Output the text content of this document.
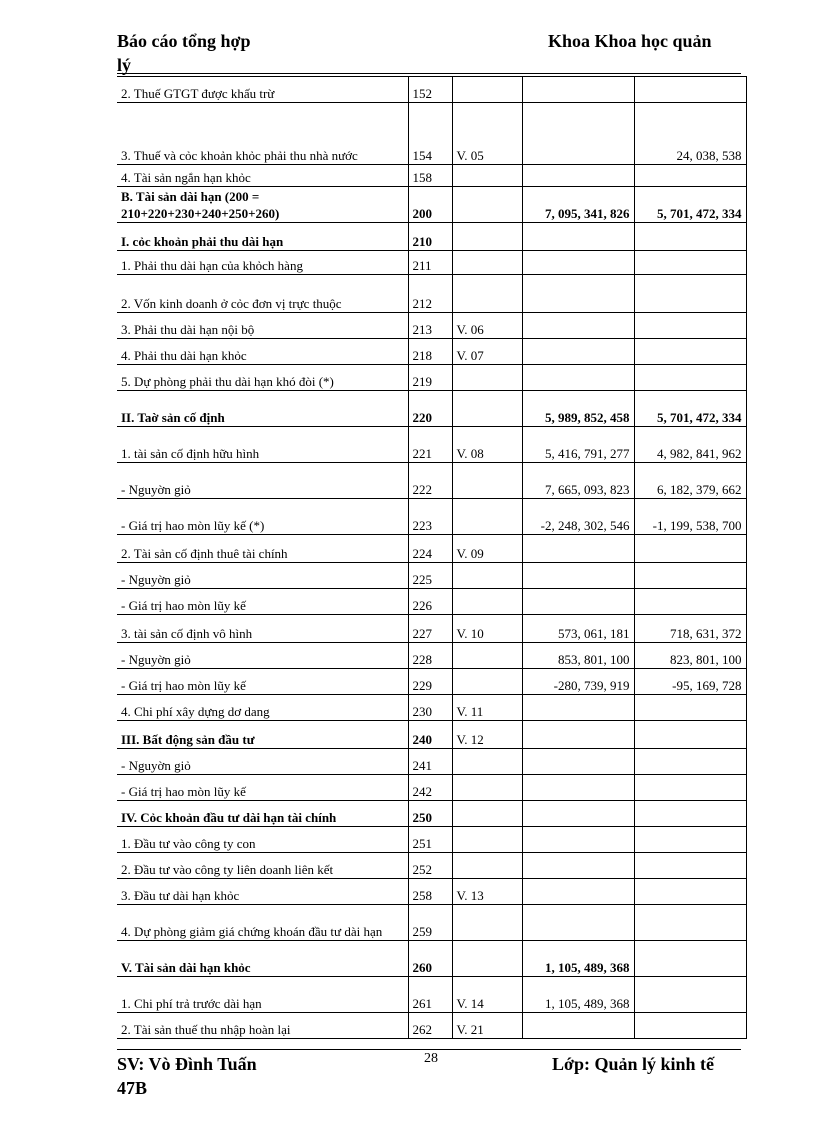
Báo cáo tổng hợp
lý
Khoa Khoa học quản
2. Thuế GTGT được khấu trừ	152			
3. Thuế và cỏc khoản khỏc phải thu nhà nước	154	V. 05		24, 038, 538
4. Tài sản ngắn hạn khỏc	158			
B. Tài sản dài hạn (200 = 210+220+230+240+250+260)	200		7, 095, 341, 826	5, 701, 472, 334
I. cỏc khoản phải thu dài hạn	210			
1. Phải thu dài hạn của khỏch hàng	211			
2. Vốn kinh doanh ở cỏc đơn vị trực thuộc	212			
3. Phải thu dài hạn nội bộ	213	V. 06		
4. Phải thu dài hạn khỏc	218	V. 07		
5. Dự phòng phải thu dài hạn khó đòi (*)	219			
II. Taờ sản cố định	220		5, 989, 852, 458	5, 701, 472, 334
1. tài sản cố định hữu hình	221	V. 08	5, 416, 791, 277	4, 982, 841, 962
- Nguyờn giỏ	222		7, 665, 093, 823	6, 182, 379, 662
- Giá trị hao mòn lũy kế (*)	223		-2, 248, 302, 546	-1, 199, 538, 700
2. Tài sản cố định thuê tài chính	224	V. 09		
- Nguyờn giỏ	225			
- Giá trị hao mòn lũy kế	226			
3. tài sản cố định vô hình	227	V. 10	573, 061, 181	718, 631, 372
- Nguyờn giỏ	228		853, 801, 100	823, 801, 100
- Giá trị hao mòn lũy kế	229		-280, 739, 919	-95, 169, 728
4. Chi phí xây dựng dơ dang	230	V. 11		
III. Bất động sản đầu tư	240	V. 12		
- Nguyờn giỏ	241			
- Giá trị hao mòn lũy kế	242			
IV. Cỏc khoản đầu tư dài hạn tài chính	250			
1. Đầu tư vào công ty con	251			
2. Đầu tư vào công ty liên doanh liên kết	252			
3. Đầu tư dài hạn khỏc	258	V. 13		
4. Dự phòng giảm giá chứng khoán đầu tư dài hạn	259			
V. Tài sản dài hạn khỏc	260		1, 105, 489, 368	
1. Chi phí trả trước dài hạn	261	V. 14	1, 105, 489, 368	
2. Tài sản thuế thu nhập hoàn lại	262	V. 21		
SV: Vò Đình Tuấn
47B
28	Lớp: Quản lý kinh tế
